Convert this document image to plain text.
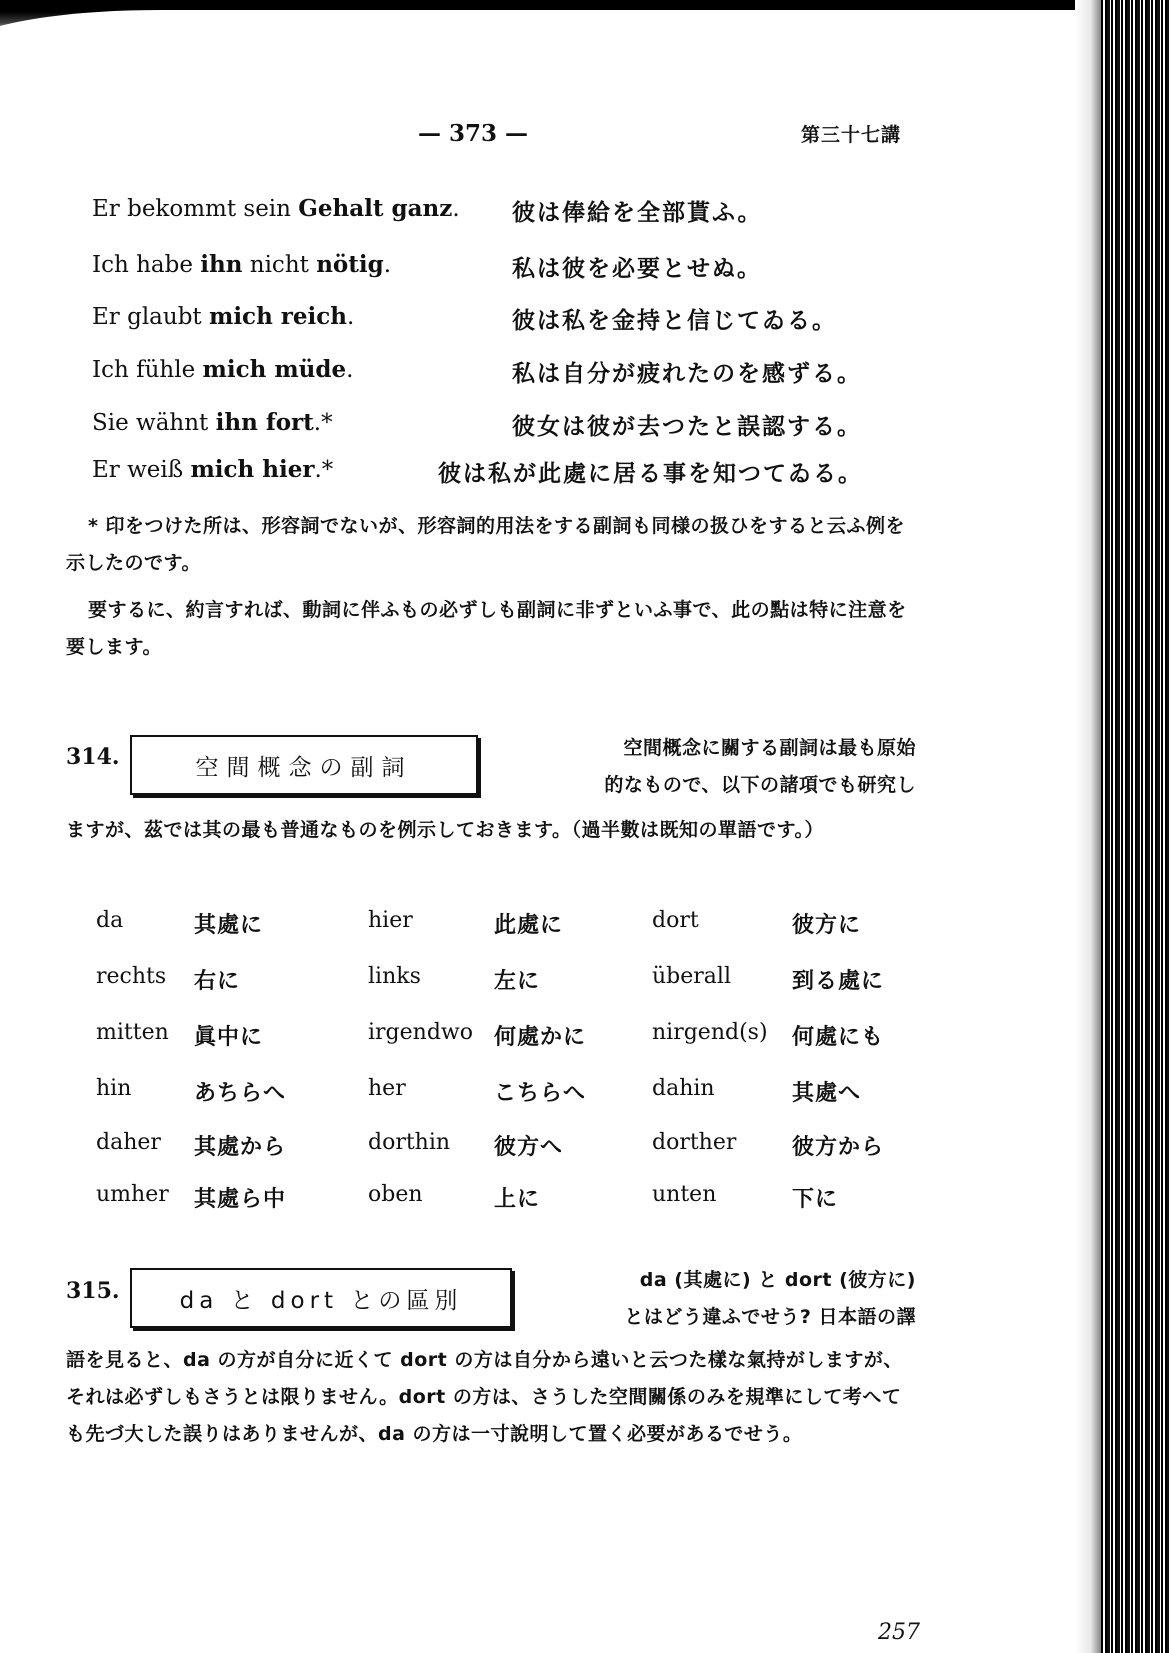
— 373 —	第三十七講
Er bekommt sein Gehalt ganz. 彼は俸給を全部貰ふ。
Ich habe ihn nicht nötig.	私は彼を必要とせぬ。
Er glaubt mich reich.	彼は私を金持と信じてゐる。
Ich fühle mich müde.	私は自分が疲れたのを感ずる。
Sie wähnt ihn fort.*	彼女は彼が去つたと誤認する。
Er weiß mich hier.*	彼は私が此處に居る事を知つてゐる。
* 印をつけた所は、形容詞でないが、形容詞的用法をする副詞も同様の扱ひをすると云ふ例を示したのです。
要するに、約言すれば、動詞に伴ふもの必ずしも副詞に非ずといふ事で、此の點は特に注意を要します。
314.	空間概念の副詞
空間概念に關する副詞は最も原始
的なもので、以下の諸項でも研究し
ますが、茲では其の最も普通なものを例示しておきます。（過半數は既知の單語です。）
da	其處に	hier	此處に	dort	彼方に
rechts 右に	links	左に	überall	到る處に
mitten 眞中に	irgendwo 何處かに	nirgend(s) 何處にも
hin	あちらへ	her	こちらへ	dahin	其處へ
daher 其處から	dorthin 彼方へ	dorther	彼方から
umher 其處ら中	oben	上に	unten	下に
315.	da と dort との區別
da (其處に) と dort (彼方に)
とはどう違ふでせう? 日本語の譯
語を見ると、da の方が自分に近くて dort の方は自分から遠いと云つた樣な氣持がしますが、それは必ずしもさうとは限りません。dort の方は、さうした空間關係のみを規準にして考へても先づ大した誤りはありませんが、da の方は一寸說明して置く必要があるでせう。
257
